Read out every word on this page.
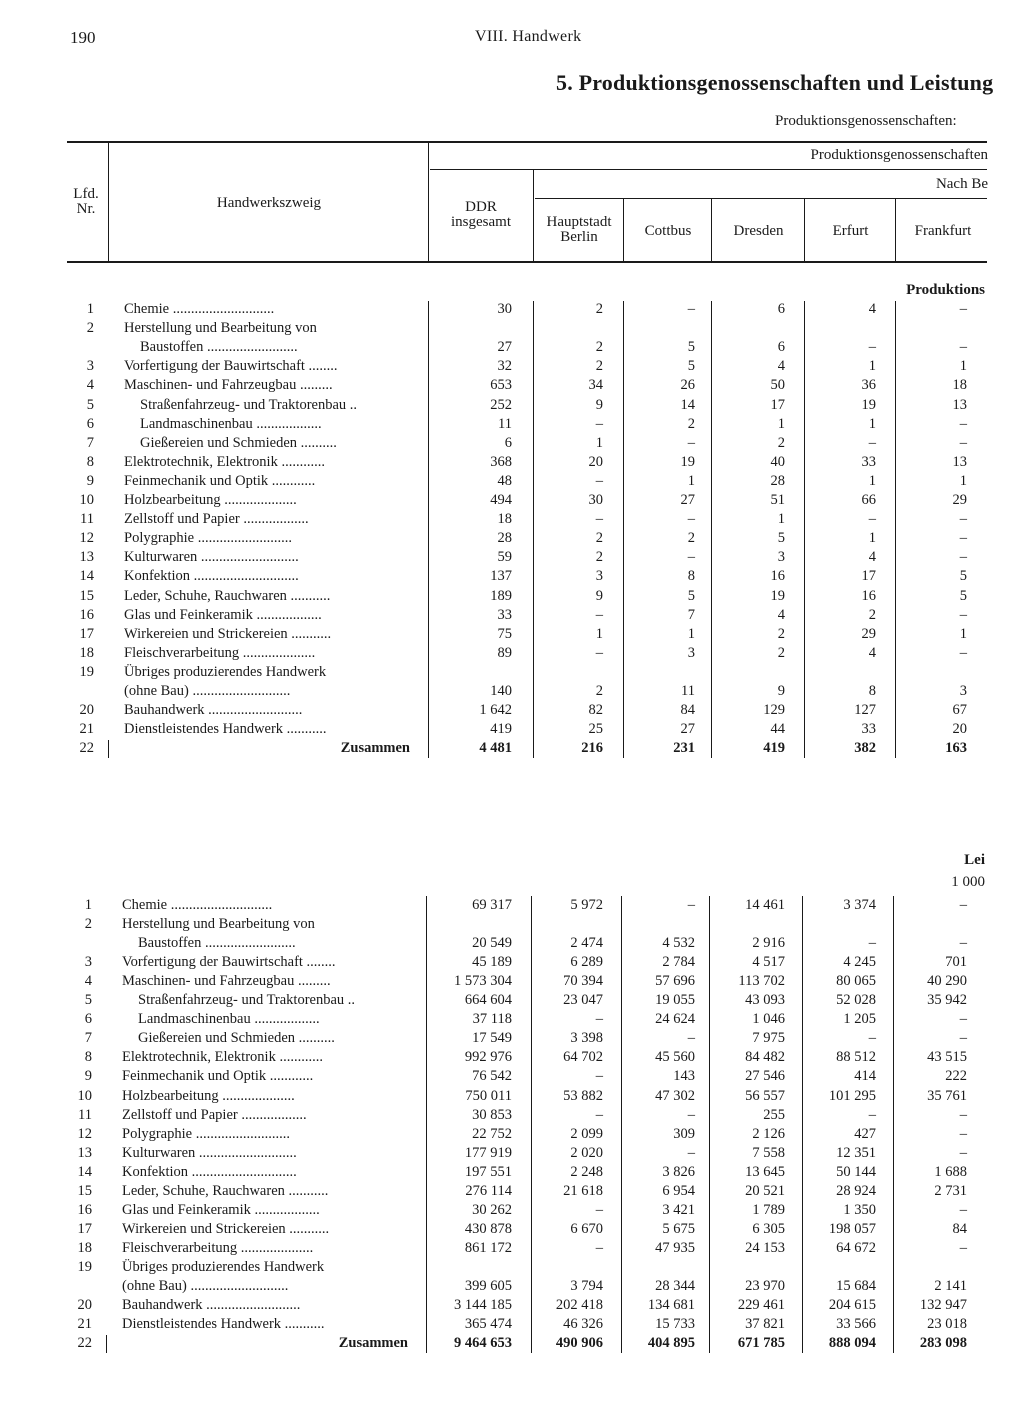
190	VIII. Handwerk
5. Produktionsgenossenschaften und Leistung
Produktionsgenossenschaften:
Lfd. Nr.	Handwerkszweig
Produktionsgenossenschaften
Nach Be
DDR insgesamt	Hauptstadt Berlin	Cottbus	Dresden	Erfurt	Frankfurt
Produktions
1 Chemie ............................	30	2	–	6	4	–
2 Herstellung und Bearbeitung von
Baustoffen .........................	27	2	5	6	–	–
3 Vorfertigung der Bauwirtschaft ........	32	2	5	4	1	1
4 Maschinen- und Fahrzeugbau .........	653	34	26	50	36	18
5	Straßenfahrzeug- und Traktorenbau ..	252	9	14	17	19	13
6	Landmaschinenbau ..................	11	–	2	1	1	–
7	Gießereien und Schmieden ..........	6	1	–	2	–	–
8 Elektrotechnik, Elektronik ............	368	20	19	40	33	13
9 Feinmechanik und Optik ............	48	–	1	28	1	1
10 Holzbearbeitung ....................	494	30	27	51	66	29
11 Zellstoff und Papier ..................	18	–	–	1	–	–
12 Polygraphie ..........................	28	2	2	5	1	–
13 Kulturwaren ...........................	59	2	–	3	4	–
14 Konfektion .............................	137	3	8	16	17	5
15 Leder, Schuhe, Rauchwaren ...........	189	9	5	19	16	5
16 Glas und Feinkeramik ..................	33	–	7	4	2	–
17 Wirkereien und Strickereien ...........	75	1	1	2	29	1
18 Fleischverarbeitung ....................	89	–	3	2	4	–
19 Übriges produzierendes Handwerk
(ohne Bau) ...........................	140	2	11	9	8	3
20 Bauhandwerk ..........................	1 642	82	84	129	127	67
21 Dienstleistendes Handwerk ...........	419	25	27	44	33	20
22	Zusammen	4 481	216	231	419	382	163
Lei
1 000
1 Chemie ............................	69 317	5 972	–	14 461	3 374	–
2 Herstellung und Bearbeitung von
Baustoffen .........................	20 549	2 474	4 532	2 916	–	–
3 Vorfertigung der Bauwirtschaft ........	45 189	6 289	2 784	4 517	4 245	701
4 Maschinen- und Fahrzeugbau .........	1 573 304	70 394	57 696	113 702	80 065	40 290
5	Straßenfahrzeug- und Traktorenbau ..	664 604	23 047	19 055	43 093	52 028	35 942
6	Landmaschinenbau ..................	37 118	–	24 624	1 046	1 205	–
7	Gießereien und Schmieden ..........	17 549	3 398	–	7 975	–	–
8 Elektrotechnik, Elektronik ............	992 976	64 702	45 560	84 482	88 512	43 515
9 Feinmechanik und Optik ............	76 542	–	143	27 546	414	222
10 Holzbearbeitung ....................	750 011	53 882	47 302	56 557	101 295	35 761
11 Zellstoff und Papier ..................	30 853	–	–	255	–	–
12 Polygraphie ..........................	22 752	2 099	309	2 126	427	–
13 Kulturwaren ...........................	177 919	2 020	–	7 558	12 351	–
14 Konfektion .............................	197 551	2 248	3 826	13 645	50 144	1 688
15 Leder, Schuhe, Rauchwaren ...........	276 114	21 618	6 954	20 521	28 924	2 731
16 Glas und Feinkeramik ..................	30 262	–	3 421	1 789	1 350	–
17 Wirkereien und Strickereien ...........	430 878	6 670	5 675	6 305	198 057	84
18 Fleischverarbeitung ....................	861 172	–	47 935	24 153	64 672	–
19 Übriges produzierendes Handwerk
(ohne Bau) ...........................	399 605	3 794	28 344	23 970	15 684	2 141
20 Bauhandwerk ..........................	3 144 185	202 418	134 681	229 461	204 615	132 947
21 Dienstleistendes Handwerk ...........	365 474	46 326	15 733	37 821	33 566	23 018
22	Zusammen	9 464 653	490 906	404 895	671 785	888 094	283 098
